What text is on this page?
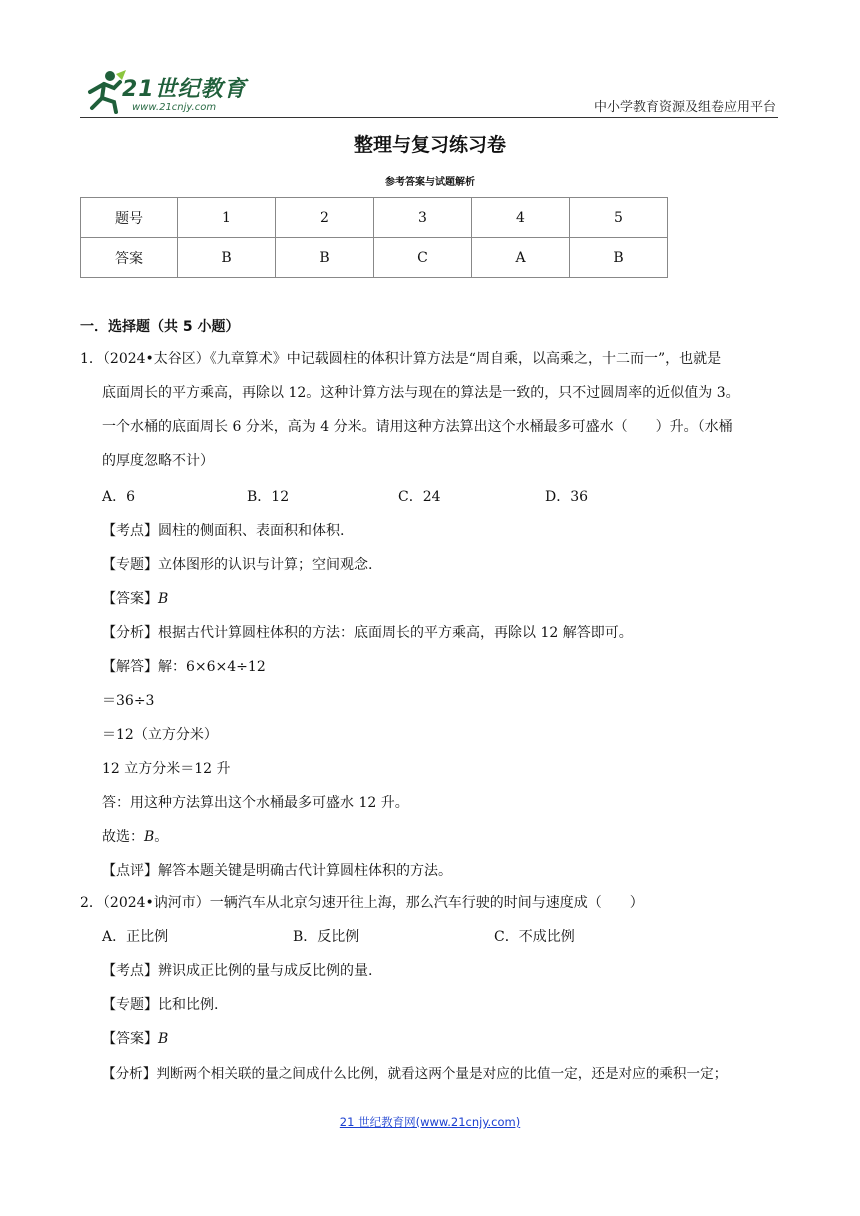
21世纪教育
www.21cnjy.com	中小学教育资源及组卷应用平台
整理与复习练习卷
参考答案与试题解析
题号	1	2	3	4	5
答案	B	B	C	A	B
一．选择题（共 5 小题）
1．（2024•太谷区）《九章算术》中记载圆柱的体积计算方法是“周自乘，以高乘之，十二而一”，也就是
底面周长的平方乘高，再除以 12。这种计算方法与现在的算法是一致的，只不过圆周率的近似值为 3。
一个水桶的底面周长 6 分米，高为 4 分米。请用这种方法算出这个水桶最多可盛水（　　）升。（水桶
的厚度忽略不计）
A．6	B．12	C．24	D．36
【考点】圆柱的侧面积、表面积和体积.
【专题】立体图形的认识与计算；空间观念.
【答案】B
【分析】根据古代计算圆柱体积的方法：底面周长的平方乘高，再除以 12 解答即可。
【解答】解：6×6×4÷12
＝36÷3
＝12（立方分米）
12 立方分米＝12 升
答：用这种方法算出这个水桶最多可盛水 12 升。
故选：B。
【点评】解答本题关键是明确古代计算圆柱体积的方法。
2．（2024•讷河市）一辆汽车从北京匀速开往上海，那么汽车行驶的时间与速度成（　　）
A．正比例	B．反比例	C．不成比例
【考点】辨识成正比例的量与成反比例的量.
【专题】比和比例.
【答案】B
【分析】判断两个相关联的量之间成什么比例，就看这两个量是对应的比值一定，还是对应的乘积一定；
21 世纪教育网(www.21cnjy.com)
